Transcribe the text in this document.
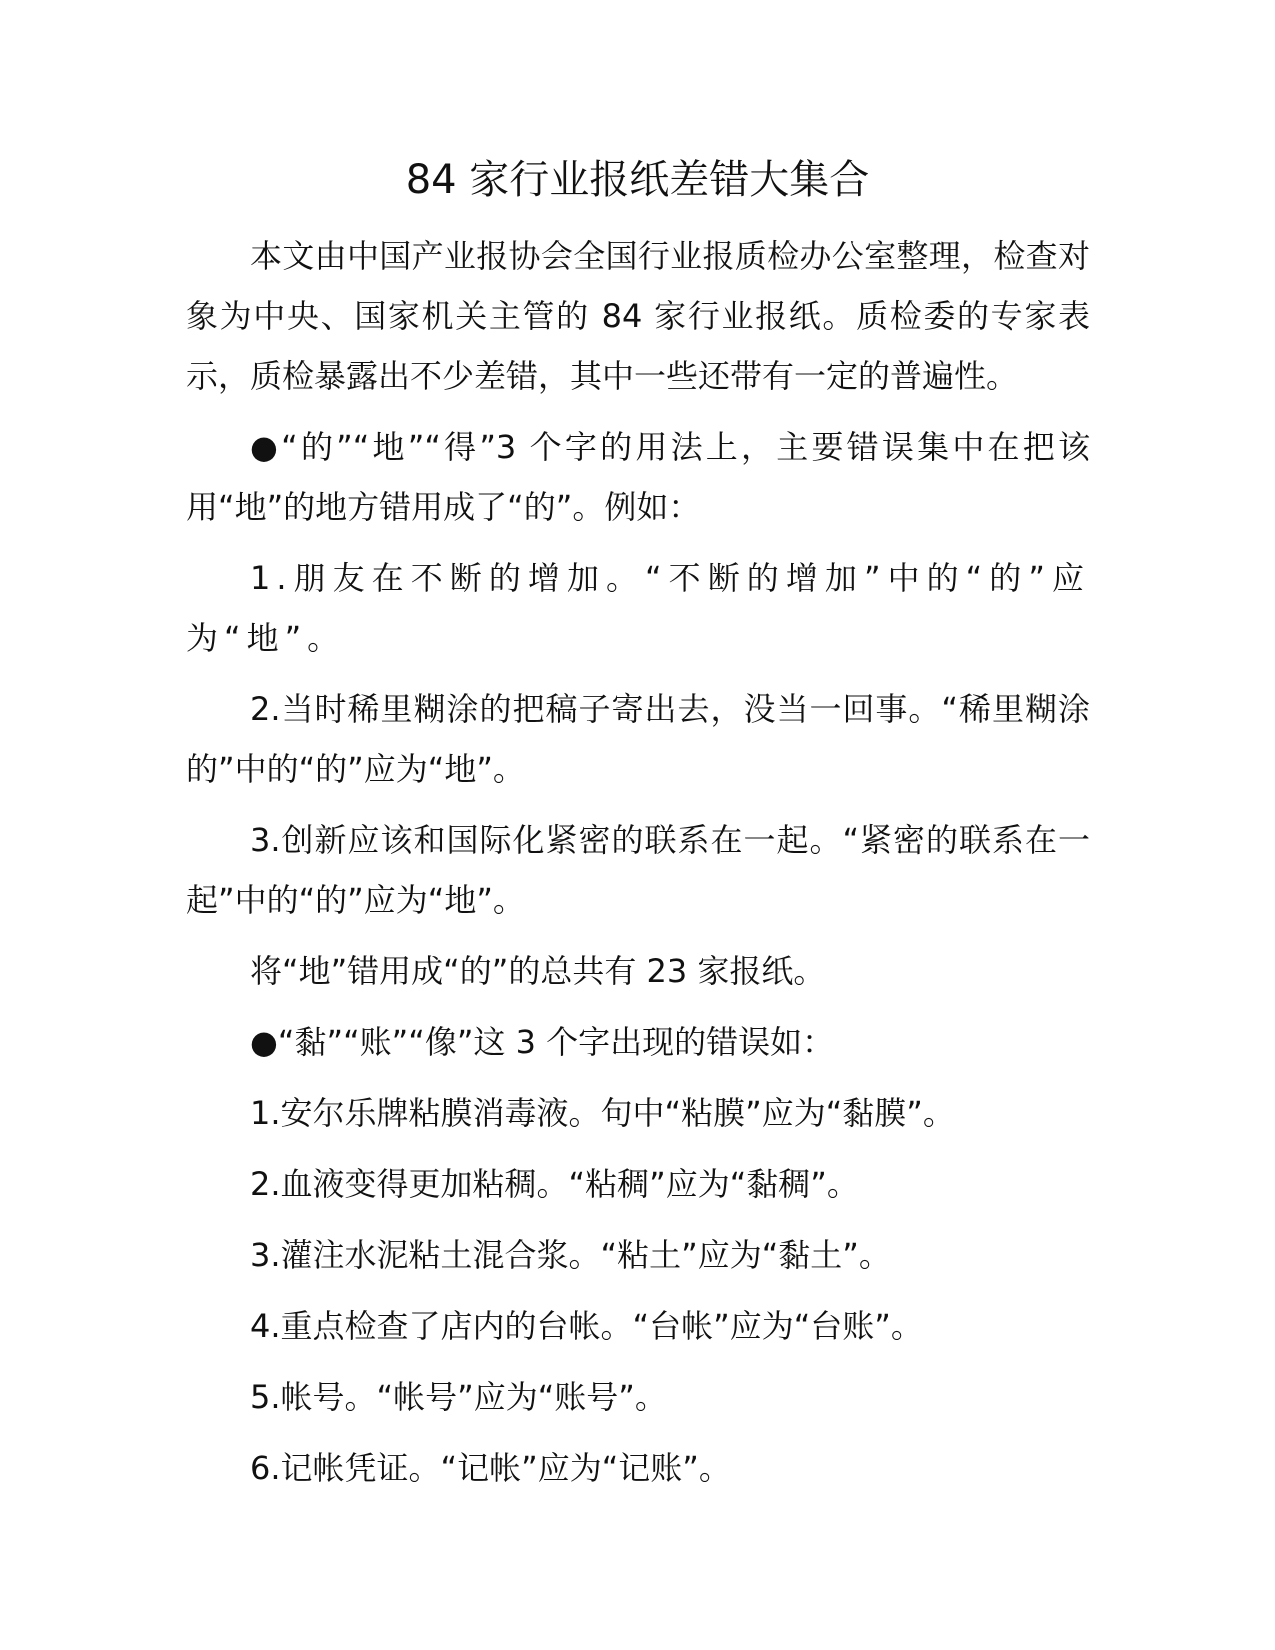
84 家行业报纸差错大集合

本文由中国产业报协会全国行业报质检办公室整理，检查对象为中央、国家机关主管的 84 家行业报纸。质检委的专家表示，质检暴露出不少差错，其中一些还带有一定的普遍性。

●“的”“地”“得”3 个字的用法上，主要错误集中在把该用“地”的地方错用成了“的”。例如：

1.朋友在不断的增加。“不断的增加”中的“的”应为“地”。

2.当时稀里糊涂的把稿子寄出去，没当一回事。“稀里糊涂的”中的“的”应为“地”。

3.创新应该和国际化紧密的联系在一起。“紧密的联系在一起”中的“的”应为“地”。

将“地”错用成“的”的总共有 23 家报纸。

●“黏”“账”“像”这 3 个字出现的错误如：

1.安尔乐牌粘膜消毒液。句中“粘膜”应为“黏膜”。

2.血液变得更加粘稠。“粘稠”应为“黏稠”。

3.灌注水泥粘土混合浆。“粘土”应为“黏土”。

4.重点检查了店内的台帐。“台帐”应为“台账”。

5.帐号。“帐号”应为“账号”。

6.记帐凭证。“记帐”应为“记账”。
